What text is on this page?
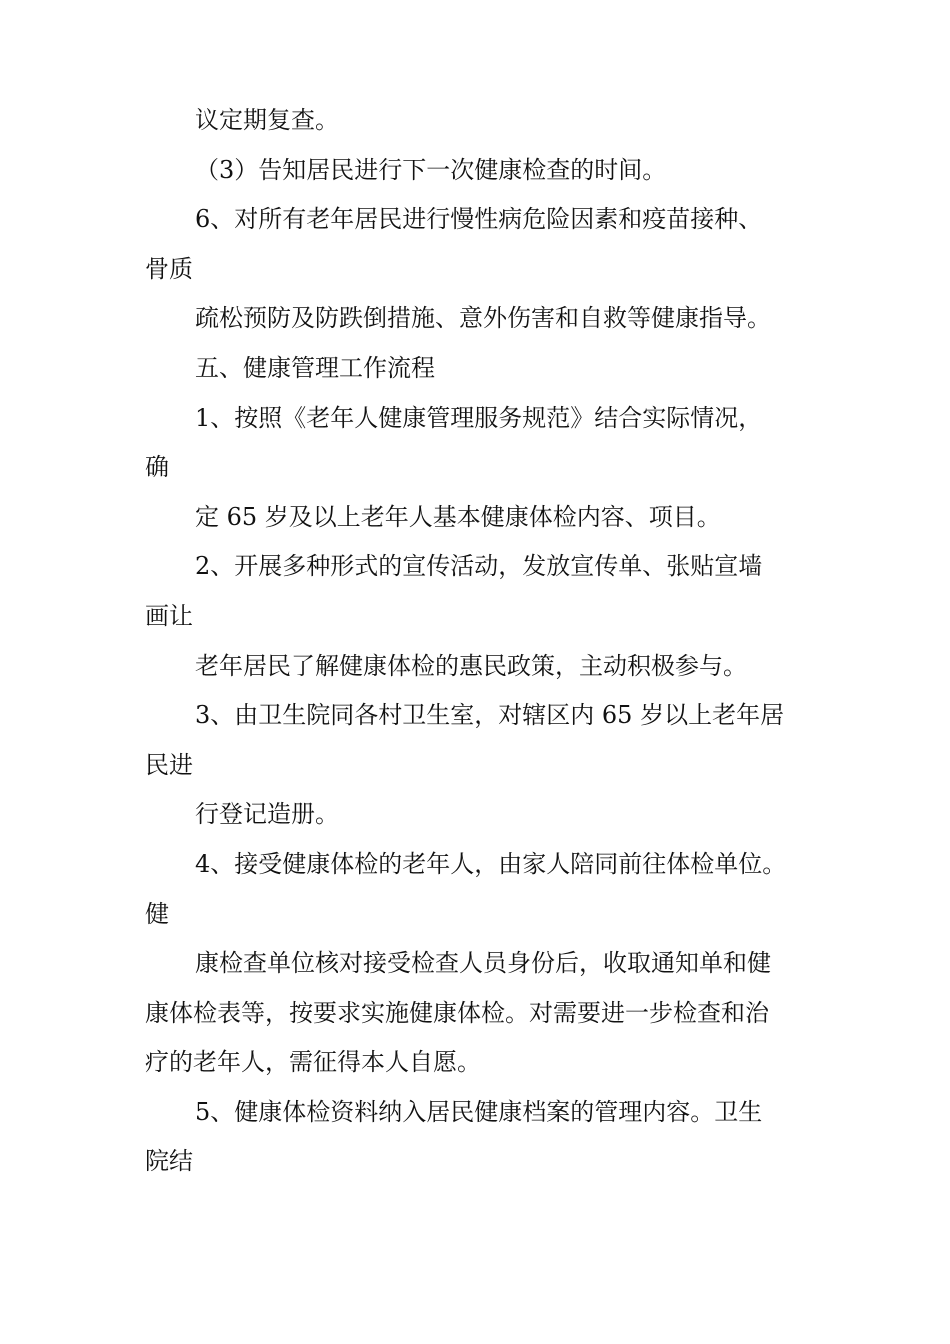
议定期复查。

（3）告知居民进行下一次健康检查的时间。

6、对所有老年居民进行慢性病危险因素和疫苗接种、

骨质

疏松预防及防跌倒措施、意外伤害和自救等健康指导。

五、健康管理工作流程

1、按照《老年人健康管理服务规范》结合实际情况，

确

定 65 岁及以上老年人基本健康体检内容、项目。

2、开展多种形式的宣传活动，发放宣传单、张贴宣墙

画让

老年居民了解健康体检的惠民政策，主动积极参与。

3、由卫生院同各村卫生室，对辖区内 65 岁以上老年居

民进

行登记造册。

4、接受健康体检的老年人，由家人陪同前往体检单位。

健

康检查单位核对接受检查人员身份后，收取通知单和健

康体检表等，按要求实施健康体检。对需要进一步检查和治

疗的老年人，需征得本人自愿。

5、健康体检资料纳入居民健康档案的管理内容。卫生

院结
